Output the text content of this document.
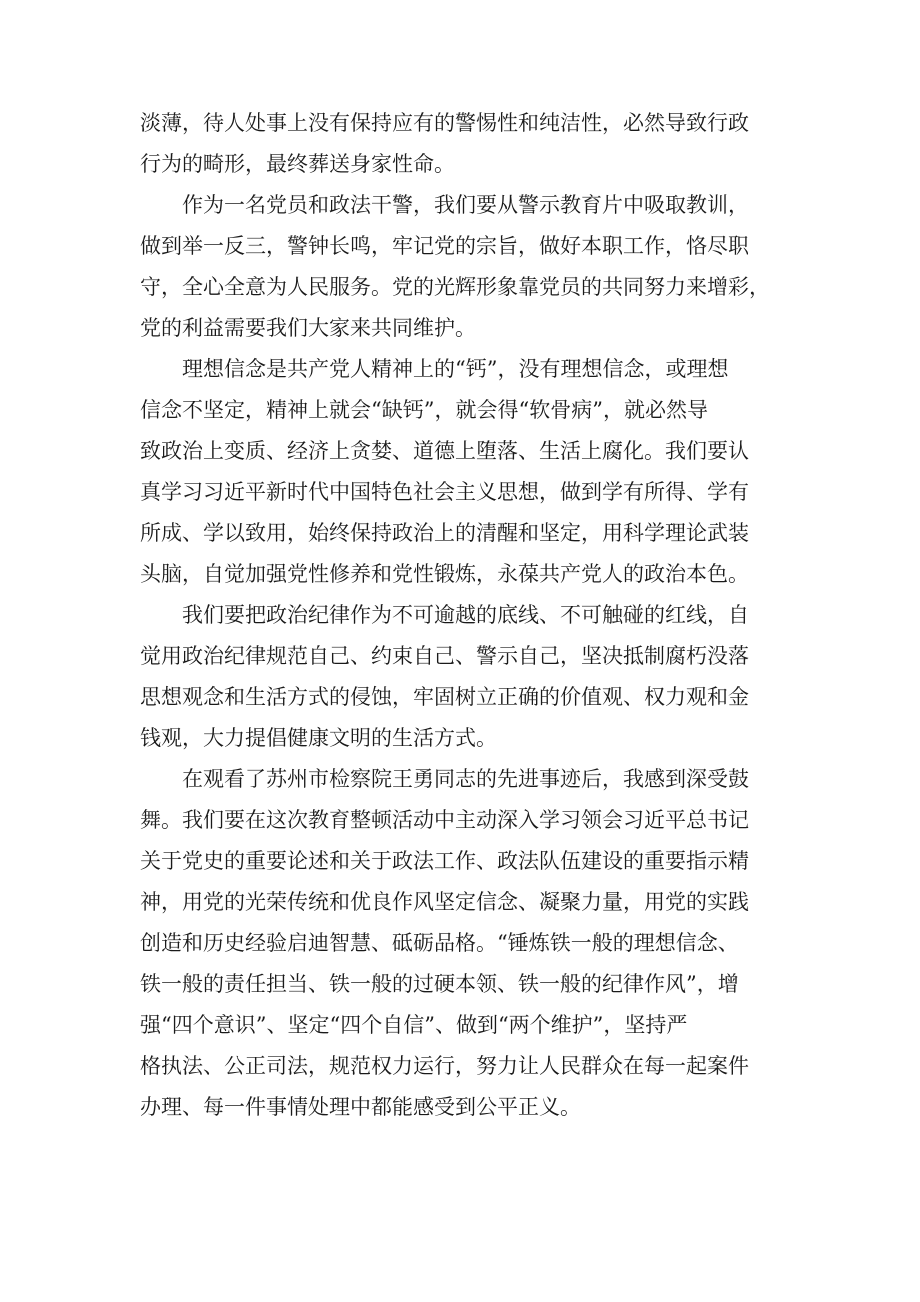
淡薄，待人处事上没有保持应有的警惕性和纯洁性，必然导致行政
行为的畸形，最终葬送身家性命。
作为一名党员和政法干警，我们要从警示教育片中吸取教训，
做到举一反三，警钟长鸣，牢记党的宗旨，做好本职工作，恪尽职
守，全心全意为人民服务。党的光辉形象靠党员的共同努力来增彩，
党的利益需要我们大家来共同维护。
理想信念是共产党人精神上的“钙”，没有理想信念，或理想
信念不坚定，精神上就会“缺钙”，就会得“软骨病”，就必然导
致政治上变质、经济上贪婪、道德上堕落、生活上腐化。我们要认
真学习习近平新时代中国特色社会主义思想，做到学有所得、学有
所成、学以致用，始终保持政治上的清醒和坚定，用科学理论武装
头脑，自觉加强党性修养和党性锻炼，永葆共产党人的政治本色。
我们要把政治纪律作为不可逾越的底线、不可触碰的红线，自
觉用政治纪律规范自己、约束自己、警示自己，坚决抵制腐朽没落
思想观念和生活方式的侵蚀，牢固树立正确的价值观、权力观和金
钱观，大力提倡健康文明的生活方式。
在观看了苏州市检察院王勇同志的先进事迹后，我感到深受鼓
舞。我们要在这次教育整顿活动中主动深入学习领会习近平总书记
关于党史的重要论述和关于政法工作、政法队伍建设的重要指示精
神，用党的光荣传统和优良作风坚定信念、凝聚力量，用党的实践
创造和历史经验启迪智慧、砥砺品格。“锤炼铁一般的理想信念、
铁一般的责任担当、铁一般的过硬本领、铁一般的纪律作风”，增
强“四个意识”、坚定“四个自信”、做到“两个维护”，坚持严
格执法、公正司法，规范权力运行，努力让人民群众在每一起案件
办理、每一件事情处理中都能感受到公平正义。
